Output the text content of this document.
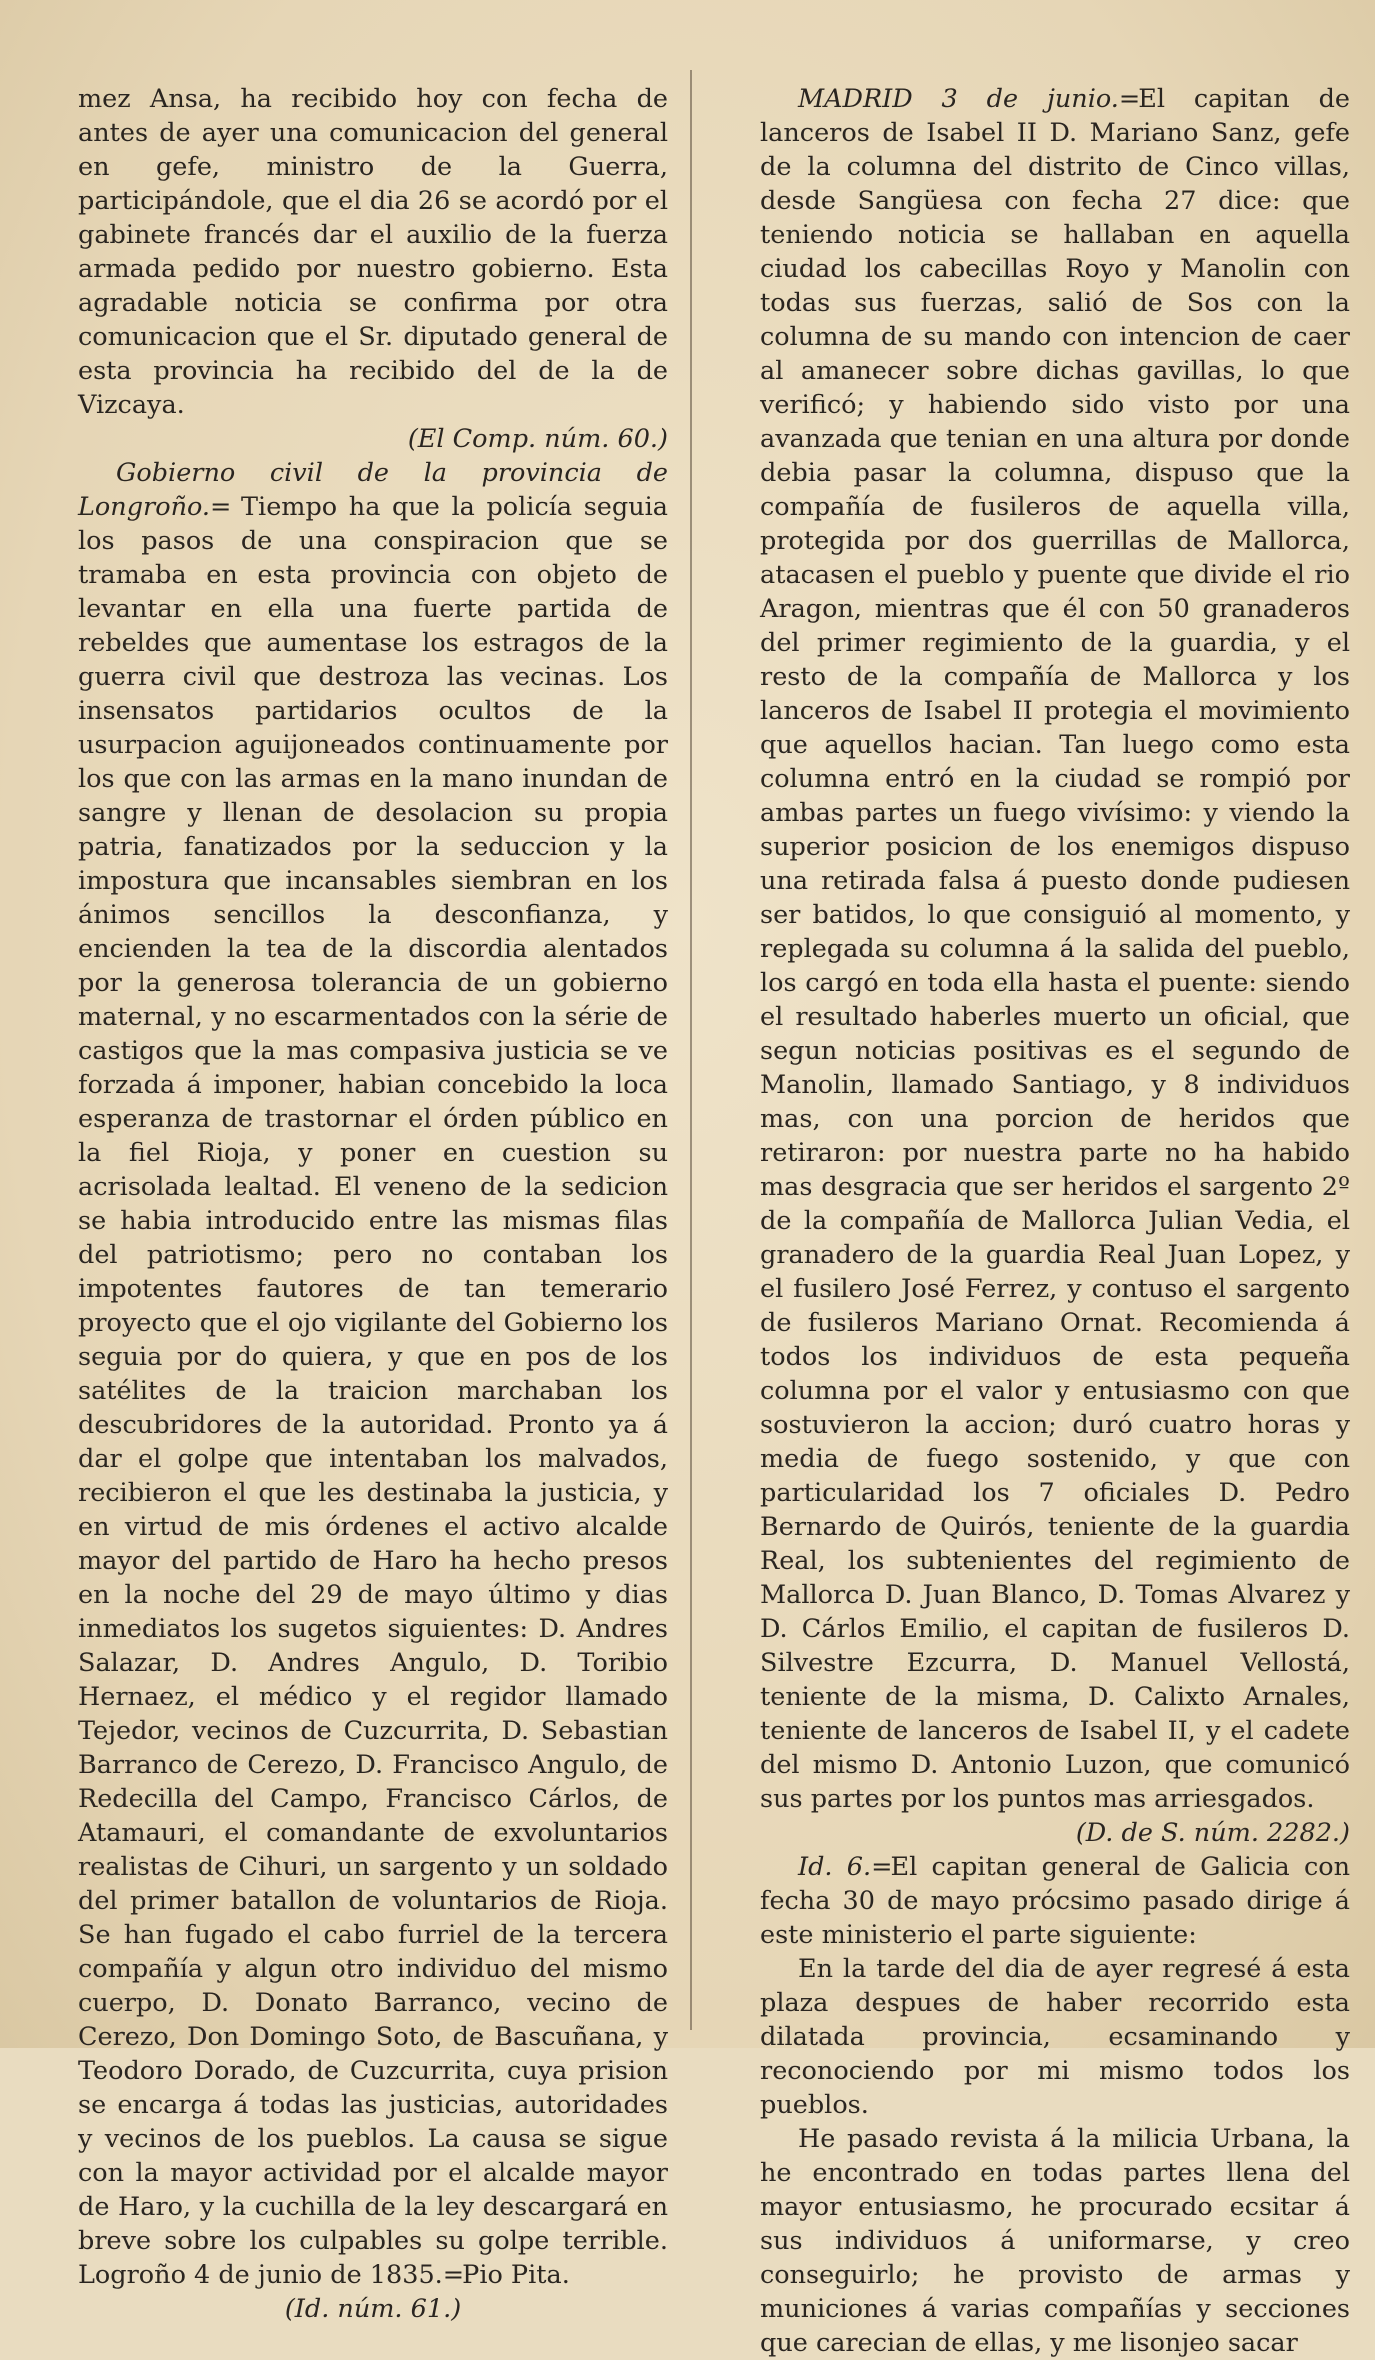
mez Ansa, ha recibido hoy con fecha de antes de ayer una comunicacion del general en gefe, ministro de la Guerra, participándole, que el dia 26 se acordó por el gabinete francés dar el auxilio de la fuerza armada pedido por nuestro gobierno. Esta agradable noticia se confirma por otra comunicacion que el Sr. diputado general de esta provincia ha recibido del de la de Vizcaya.

(El Comp. núm. 60.)

Gobierno civil de la provincia de Longroño.= Tiempo ha que la policía seguia los pasos de una conspiracion que se tramaba en esta provincia con objeto de levantar en ella una fuerte partida de rebeldes que aumentase los estragos de la guerra civil que destroza las vecinas. Los insensatos partidarios ocultos de la usurpacion aguijoneados continuamente por los que con las armas en la mano inundan de sangre y llenan de desolacion su propia patria, fanatizados por la seduccion y la impostura que incansables siembran en los ánimos sencillos la desconfianza, y encienden la tea de la discordia alentados por la generosa tolerancia de un gobierno maternal, y no escarmentados con la série de castigos que la mas compasiva justicia se ve forzada á imponer, habian concebido la loca esperanza de trastornar el órden público en la fiel Rioja, y poner en cuestion su acrisolada lealtad. El veneno de la sedicion se habia introducido entre las mismas filas del patriotismo; pero no contaban los impotentes fautores de tan temerario proyecto que el ojo vigilante del Gobierno los seguia por do quiera, y que en pos de los satélites de la traicion marchaban los descubridores de la autoridad. Pronto ya á dar el golpe que intentaban los malvados, recibieron el que les destinaba la justicia, y en virtud de mis órdenes el activo alcalde mayor del partido de Haro ha hecho presos en la noche del 29 de mayo último y dias inmediatos los sugetos siguientes: D. Andres Salazar, D. Andres Angulo, D. Toribio Hernaez, el médico y el regidor llamado Tejedor, vecinos de Cuzcurrita, D. Sebastian Barranco de Cerezo, D. Francisco Angulo, de Redecilla del Campo, Francisco Cárlos, de Atamauri, el comandante de exvoluntarios realistas de Cihuri, un sargento y un soldado del primer batallon de voluntarios de Rioja. Se han fugado el cabo furriel de la tercera compañía y algun otro individuo del mismo cuerpo, D. Donato Barranco, vecino de Cerezo, Don Domingo Soto, de Bascuñana, y Teodoro Dorado, de Cuzcurrita, cuya prision se encarga á todas las justicias, autoridades y vecinos de los pueblos. La causa se sigue con la mayor actividad por el alcalde mayor de Haro, y la cuchilla de la ley descargará en breve sobre los culpables su golpe terrible. Logroño 4 de junio de 1835.=Pio Pita.

(Id. núm. 61.)

MADRID 3 de junio.=El capitan de lanceros de Isabel II D. Mariano Sanz, gefe de la columna del distrito de Cinco villas, desde Sangüesa con fecha 27 dice: que teniendo noticia se hallaban en aquella ciudad los cabecillas Royo y Manolin con todas sus fuerzas, salió de Sos con la columna de su mando con intencion de caer al amanecer sobre dichas gavillas, lo que verificó; y habiendo sido visto por una avanzada que tenian en una altura por donde debia pasar la columna, dispuso que la compañía de fusileros de aquella villa, protegida por dos guerrillas de Mallorca, atacasen el pueblo y puente que divide el rio Aragon, mientras que él con 50 granaderos del primer regimiento de la guardia, y el resto de la compañía de Mallorca y los lanceros de Isabel II protegia el movimiento que aquellos hacian. Tan luego como esta columna entró en la ciudad se rompió por ambas partes un fuego vivísimo: y viendo la superior posicion de los enemigos dispuso una retirada falsa á puesto donde pudiesen ser batidos, lo que consiguió al momento, y replegada su columna á la salida del pueblo, los cargó en toda ella hasta el puente: siendo el resultado haberles muerto un oficial, que segun noticias positivas es el segundo de Manolin, llamado Santiago, y 8 individuos mas, con una porcion de heridos que retiraron: por nuestra parte no ha habido mas desgracia que ser heridos el sargento 2º de la compañía de Mallorca Julian Vedia, el granadero de la guardia Real Juan Lopez, y el fusilero José Ferrez, y contuso el sargento de fusileros Mariano Ornat. Recomienda á todos los individuos de esta pequeña columna por el valor y entusiasmo con que sostuvieron la accion; duró cuatro horas y media de fuego sostenido, y que con particularidad los 7 oficiales D. Pedro Bernardo de Quirós, teniente de la guardia Real, los subtenientes del regimiento de Mallorca D. Juan Blanco, D. Tomas Alvarez y D. Cárlos Emilio, el capitan de fusileros D. Silvestre Ezcurra, D. Manuel Vellostá, teniente de la misma, D. Calixto Arnales, teniente de lanceros de Isabel II, y el cadete del mismo D. Antonio Luzon, que comunicó sus partes por los puntos mas arriesgados.

(D. de S. núm. 2282.)

Id. 6.=El capitan general de Galicia con fecha 30 de mayo prócsimo pasado dirige á este ministerio el parte siguiente:

En la tarde del dia de ayer regresé á esta plaza despues de haber recorrido esta dilatada provincia, ecsaminando y reconociendo por mi mismo todos los pueblos.

He pasado revista á la milicia Urbana, la he encontrado en todas partes llena del mayor entusiasmo, he procurado ecsitar á sus individuos á uniformarse, y creo conseguirlo; he provisto de armas y municiones á varias compañías y secciones que carecian de ellas, y me lisonjeo sacar
